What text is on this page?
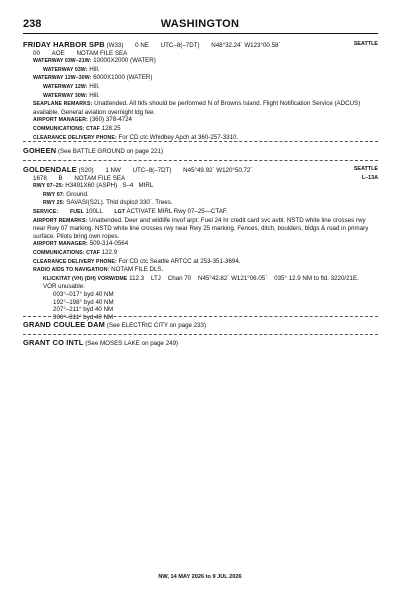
238	WASHINGTON
FRIDAY HARBOR SPB (W33) 0 NE UTC–8(–7DT) N48°32.24´ W123°00.58´	SEATTLE
00 AOE NOTAM FILE SEA
WATERWAY 03W–21W: 10000X2000 (WATER)
WATERWAY 03W: Hill.
WATERWAY 12W–30W: 6000X1000 (WATER)
WATERWAY 12W: Hill.
WATERWAY 30W: Hill.
SEAPLANE REMARKS: Unattended. All tkfs should be performed N of Browns Island. Flight Notification Service (ADCUS) available. General aviation overnight ldg fee.
AIRPORT MANAGER: (360) 378-4724
COMMUNICATIONS: CTAF 128.25
CLEARANCE DELIVERY PHONE: For CD ctc Whidbey Apch at 360-257-3310.
GOHEEN (See BATTLE GROUND on page 221)
GOLDENDALE (S20) 1 NW UTC–8(–7DT) N45°49.92´ W120°50.72´	SEATTLE
1678 B NOTAM FILE SEA	L–13A
RWY 07–25: H3491X60 (ASPH)   S–4   MIRL
RWY 07: Ground.
RWY 25: SAVASI(S2L). Thld dsplcd 330´. Trees.
SERVICE: FUEL 100LL LGT ACTIVATE MIRL Rwy 07–25—CTAF.
AIRPORT REMARKS: Unattended. Deer and wildlife invof arpt. Fuel 24 hr credit card svc avbl. NSTD white line crosses rwy near Rwy 07 marking. NSTD white line crosses rwy near Rwy 25 marking. Fences, ditch, boulders, bldgs & road in primary surface. Pilots bring own ropes.
AIRPORT MANAGER: 509-314-0564
COMMUNICATIONS: CTAF 122.9
CLEARANCE DELIVERY PHONE: For CD ctc Seattle ARTCC at 253-351-3694.
RADIO AIDS TO NAVIGATION: NOTAM FILE DLS.
KLICKITAT (VH) (DH) VORW/DME 112.3    LTJ    Chan 70    N45°42.82´ W121°06.05´    035° 12.9 NM to fld. 3220/21E.
VOR unusable:
003°–017° byd 40 NM
192°–198° byd 40 NM
207°–211° byd 40 NM
306°–311° byd 40 NM
GRAND COULEE DAM (See ELECTRIC CITY on page 233)
GRANT CO INTL (See MOSES LAKE on page 249)
NW, 14 MAY 2026 to 9 JUL 2026
